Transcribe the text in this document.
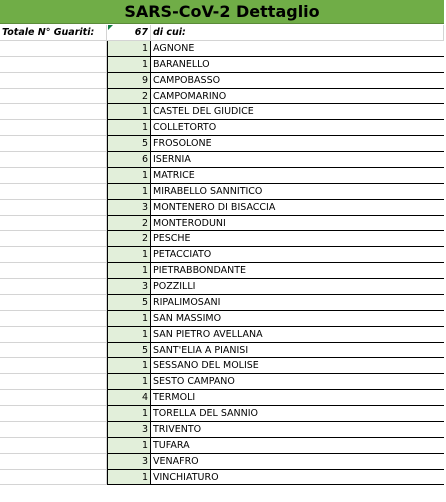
SARS-CoV-2 Dettaglio
Totale N° Guariti:	67 di cui:
1 AGNONE
1 BARANELLO
9 CAMPOBASSO
2 CAMPOMARINO
1 CASTEL DEL GIUDICE
1 COLLETORTO
5 FROSOLONE
6 ISERNIA
1 MATRICE
1 MIRABELLO SANNITICO
3 MONTENERO DI BISACCIA
2 MONTERODUNI
2 PESCHE
1 PETACCIATO
1 PIETRABBONDANTE
3 POZZILLI
5 RIPALIMOSANI
1 SAN MASSIMO
1 SAN PIETRO AVELLANA
5 SANT'ELIA A PIANISI
1 SESSANO DEL MOLISE
1 SESTO CAMPANO
4 TERMOLI
1 TORELLA DEL SANNIO
3 TRIVENTO
1 TUFARA
3 VENAFRO
1 VINCHIATURO
